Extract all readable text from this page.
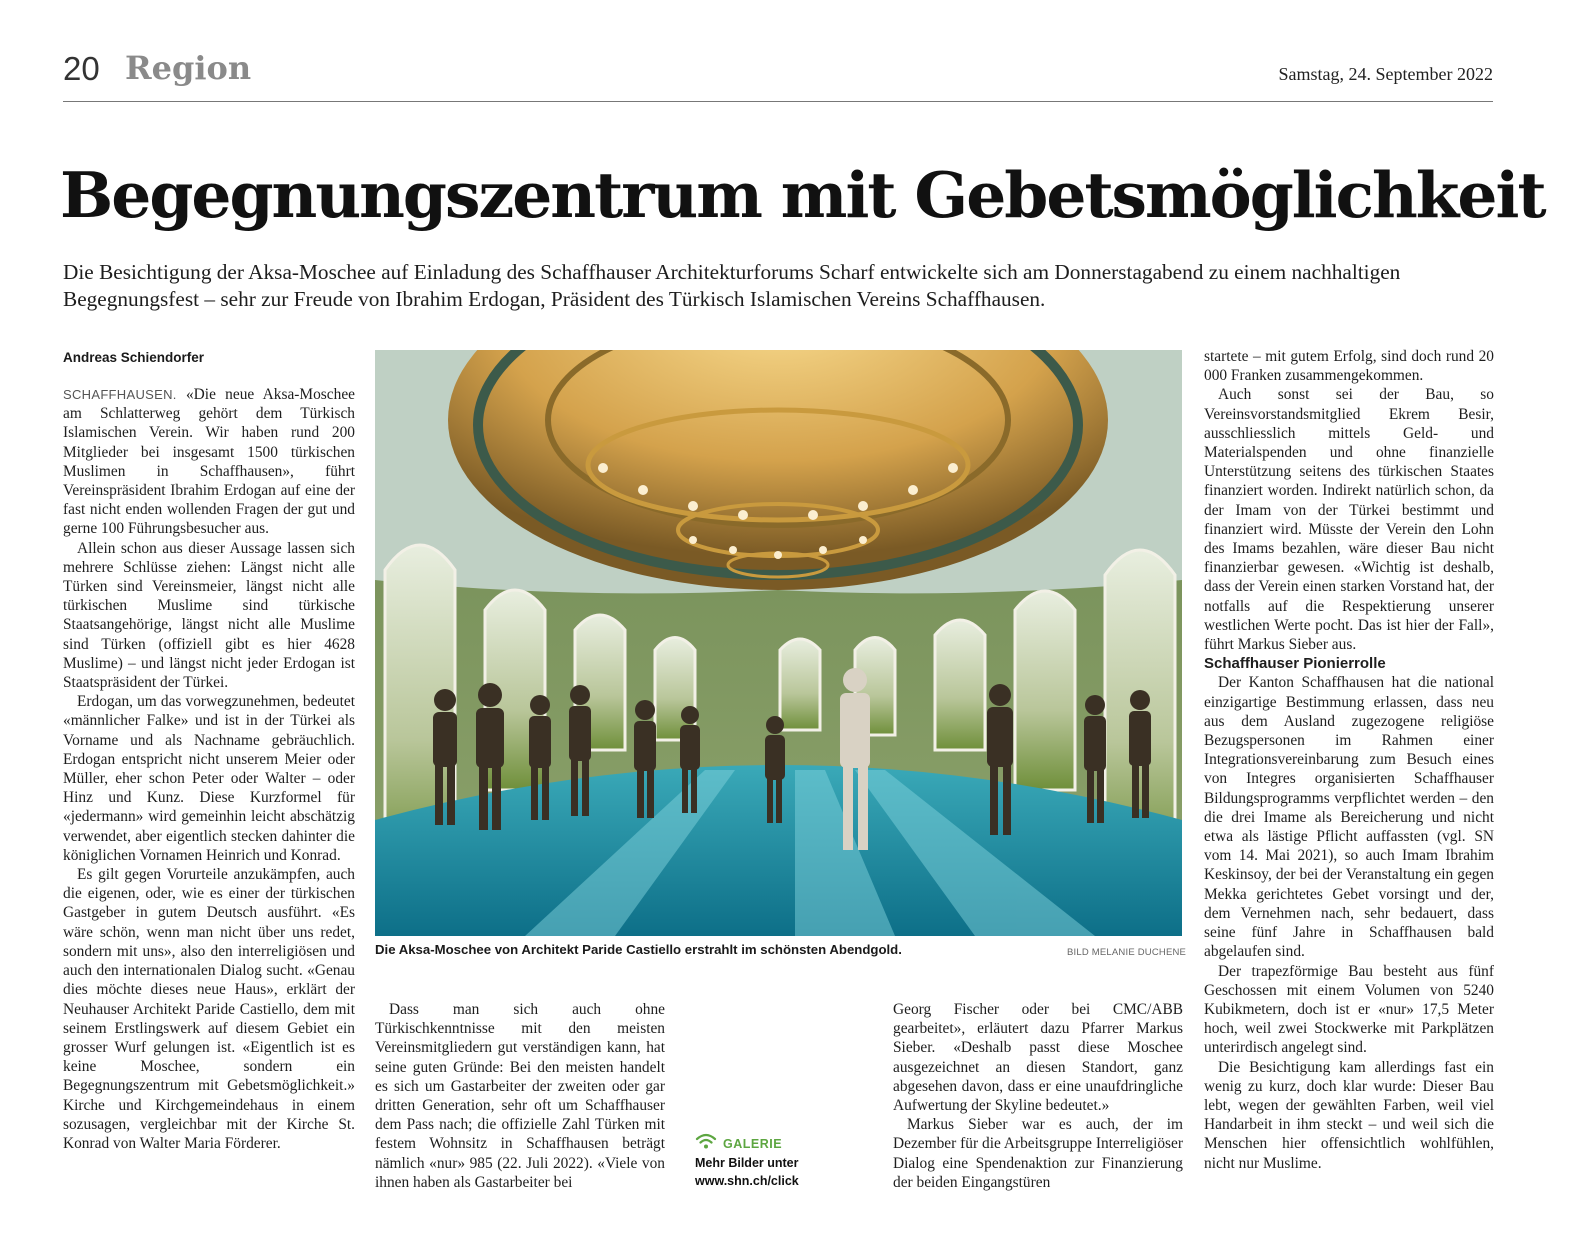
20 Region	Samstag, 24. September 2022
Begegnungszentrum mit Gebetsmöglichkeit
Die Besichtigung der Aksa-Moschee auf Einladung des Schaffhauser Architekturforums Scharf entwickelte sich am Donnerstagabend zu einem nachhaltigen Begegnungsfest – sehr zur Freude von Ibrahim Erdogan, Präsident des Türkisch Islamischen Vereins Schaffhausen.
Andreas Schiendorfer

SCHAFFHAUSEN. «Die neue Aksa-Moschee am Schlatterweg gehört dem Türkisch Islamischen Verein. Wir haben rund 200 Mitglieder bei insgesamt 1500 türkischen Muslimen in Schaffhausen», führt Vereinspräsident Ibrahim Erdogan auf eine der fast nicht enden wollenden Fragen der gut und gerne 100 Führungsbesucher aus.

Allein schon aus dieser Aussage lassen sich mehrere Schlüsse ziehen: Längst nicht alle Türken sind Vereinsmeier, längst nicht alle türkischen Muslime sind türkische Staatsangehörige, längst nicht alle Muslime sind Türken (offiziell gibt es hier 4628 Muslime) – und längst nicht jeder Erdogan ist Staatspräsident der Türkei.

Erdogan, um das vorwegzunehmen, bedeutet «männlicher Falke» und ist in der Türkei als Vorname und als Nachname gebräuchlich. Erdogan entspricht nicht unserem Meier oder Müller, eher schon Peter oder Walter – oder Hinz und Kunz. Diese Kurzformel für «jedermann» wird gemeinhin leicht abschätzig verwendet, aber eigentlich stecken dahinter die königlichen Vornamen Heinrich und Konrad.

Es gilt gegen Vorurteile anzukämpfen, auch die eigenen, oder, wie es einer der türkischen Gastgeber in gutem Deutsch ausführt. «Es wäre schön, wenn man nicht über uns redet, sondern mit uns», also den interreligiösen und auch den internationalen Dialog sucht. «Genau dies möchte dieses neue Haus», erklärt der Neuhauser Architekt Paride Castiello, dem mit seinem Erstlingswerk auf diesem Gebiet ein grosser Wurf gelungen ist. «Eigentlich ist es keine Moschee, sondern ein Begegnungszentrum mit Gebetsmöglichkeit.» Kirche und Kirchgemeindehaus in einem sozusagen, vergleichbar mit der Kirche St. Konrad von Walter Maria Förderer.

Die Aksa-Moschee von Architekt Paride Castiello erstrahlt im schönsten Abendgold.	BILD MELANIE DUCHENE

Dass man sich auch ohne Türkischkenntnisse mit den meisten Vereinsmitgliedern gut verständigen kann, hat seine guten Gründe: Bei den meisten handelt es sich um Gastarbeiter der zweiten oder gar dritten Generation, sehr oft um Schaffhauser dem Pass nach; die offizielle Zahl Türken mit festem Wohnsitz in Schaffhausen beträgt nämlich «nur» 985 (22. Juli 2022). «Viele von ihnen haben als Gastarbeiter bei

GALERIE
Mehr Bilder unter
www.shn.ch/click

Georg Fischer oder bei CMC/ABB gearbeitet», erläutert dazu Pfarrer Markus Sieber. «Deshalb passt diese Moschee ausgezeichnet an diesen Standort, ganz abgesehen davon, dass er eine unaufdringliche Aufwertung der Skyline bedeutet.»

Markus Sieber war es auch, der im Dezember für die Arbeitsgruppe Interreligiöser Dialog eine Spendenaktion zur Finanzierung der beiden Eingangstüren

startete – mit gutem Erfolg, sind doch rund 20 000 Franken zusammengekommen.

Auch sonst sei der Bau, so Vereinsvorstandsmitglied Ekrem Besir, ausschliesslich mittels Geld- und Materialspenden und ohne finanzielle Unterstützung seitens des türkischen Staates finanziert worden. Indirekt natürlich schon, da der Imam von der Türkei bestimmt und finanziert wird. Müsste der Verein den Lohn des Imams bezahlen, wäre dieser Bau nicht finanzierbar gewesen. «Wichtig ist deshalb, dass der Verein einen starken Vorstand hat, der notfalls auf die Respektierung unserer westlichen Werte pocht. Das ist hier der Fall», führt Markus Sieber aus.

Schaffhauser Pionierrolle

Der Kanton Schaffhausen hat die national einzigartige Bestimmung erlassen, dass neu aus dem Ausland zugezogene religiöse Bezugspersonen im Rahmen einer Integrationsvereinbarung zum Besuch eines von Integres organisierten Schaffhauser Bildungsprogramms verpflichtet werden – den die drei Imame als Bereicherung und nicht etwa als lästige Pflicht auffassten (vgl. SN vom 14. Mai 2021), so auch Imam Ibrahim Keskinsoy, der bei der Veranstaltung ein gegen Mekka gerichtetes Gebet vorsingt und der, dem Vernehmen nach, sehr bedauert, dass seine fünf Jahre in Schaffhausen bald abgelaufen sind.

Der trapezförmige Bau besteht aus fünf Geschossen mit einem Volumen von 5240 Kubikmetern, doch ist er «nur» 17,5 Meter hoch, weil zwei Stockwerke mit Parkplätzen unterirdisch angelegt sind.

Die Besichtigung kam allerdings fast ein wenig zu kurz, doch klar wurde: Dieser Bau lebt, wegen der gewählten Farben, weil viel Handarbeit in ihm steckt – und weil sich die Menschen hier offensichtlich wohlfühlen, nicht nur Muslime.
